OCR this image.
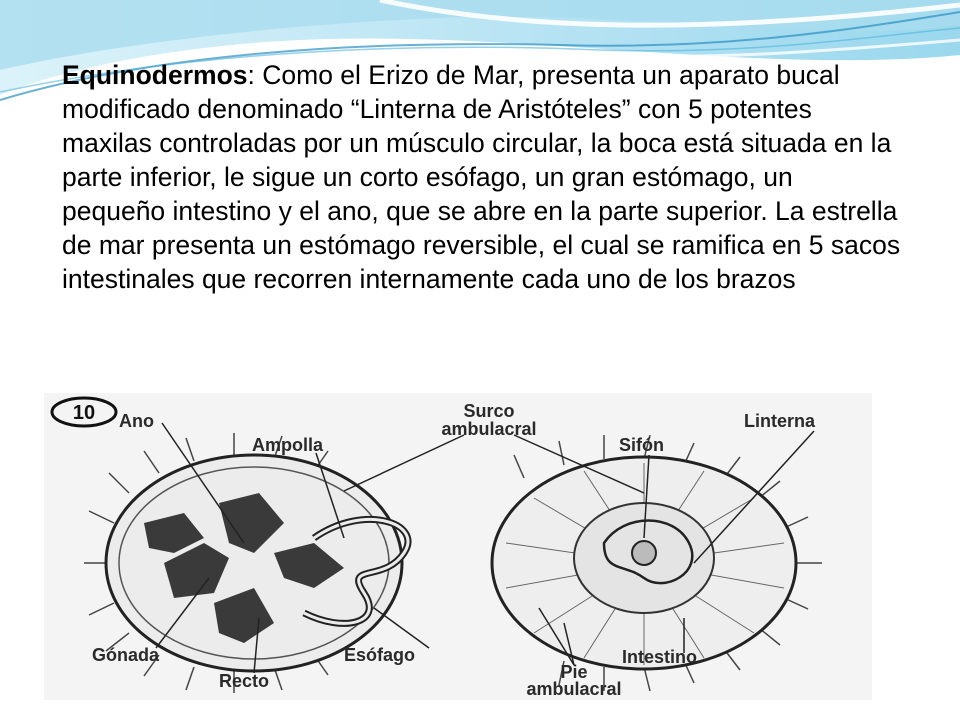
Equinodermos: Como el Erizo de Mar, presenta un aparato bucal modificado denominado “Linterna de Aristóteles” con 5 potentes maxilas controladas por un músculo circular, la boca está situada en la parte inferior, le sigue un corto esófago, un gran estómago, un pequeño intestino y el ano, que se abre en la parte superior. La estrella de mar presenta un estómago reversible, el cual se ramifica en 5 sacos intestinales que recorren internamente cada uno de los brazos
10 Ano
Ampolla
Surco
ambulacral
Sifón
Linterna
Gónada
Recto
Esófago
Pie
ambulacral
Intestino
